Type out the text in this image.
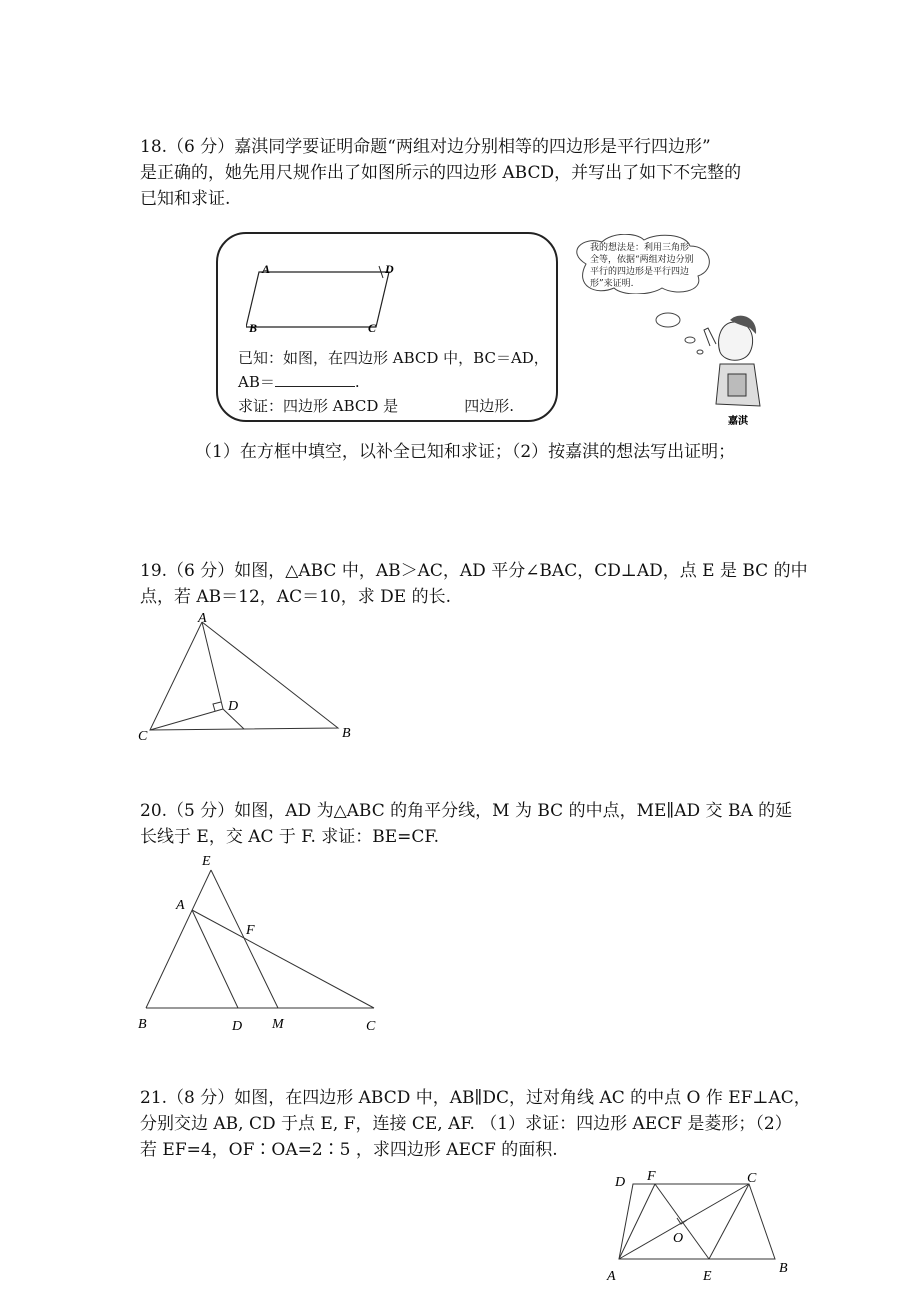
18.（6 分）嘉淇同学要证明命题“两组对边分别相等的四边形是平行四边形”
是正确的，她先用尺规作出了如图所示的四边形 ABCD，并写出了如下不完整的
已知和求证.
A	D
B	C
已知：如图，在四边形 ABCD 中，BC＝AD，
AB＝	.
求证：四边形 ABCD 是	四边形.
我的想法是：利用三角形全等，依据“两组对边分别平行的四边形是平行四边形”来证明.
嘉淇
（1）在方框中填空，以补全已知和求证；（2）按嘉淇的想法写出证明；
19.（6 分）如图，△ABC 中，AB＞AC，AD 平分∠BAC，CD⊥AD，点 E 是 BC 的中
点，若 AB＝12，AC＝10，求 DE 的长.
A
D
C	B
20.（5 分）如图，AD 为△ABC 的角平分线，M 为 BC 的中点，ME∥AD 交 BA 的延
长线于 E，交 AC 于 F. 求证：BE=CF.
E
A
F
B	D M	C
21.（8 分）如图，在四边形 ABCD 中，AB∥DC，过对角线 AC 的中点 O 作 EF⊥AC，
分别交边 AB, CD 于点 E, F，连接 CE, AF. （1）求证：四边形 AECF 是菱形；（2）
若 EF=4，OF∶OA=2∶5 ，求四边形 AECF 的面积.
D F	C
O
A	E
B
